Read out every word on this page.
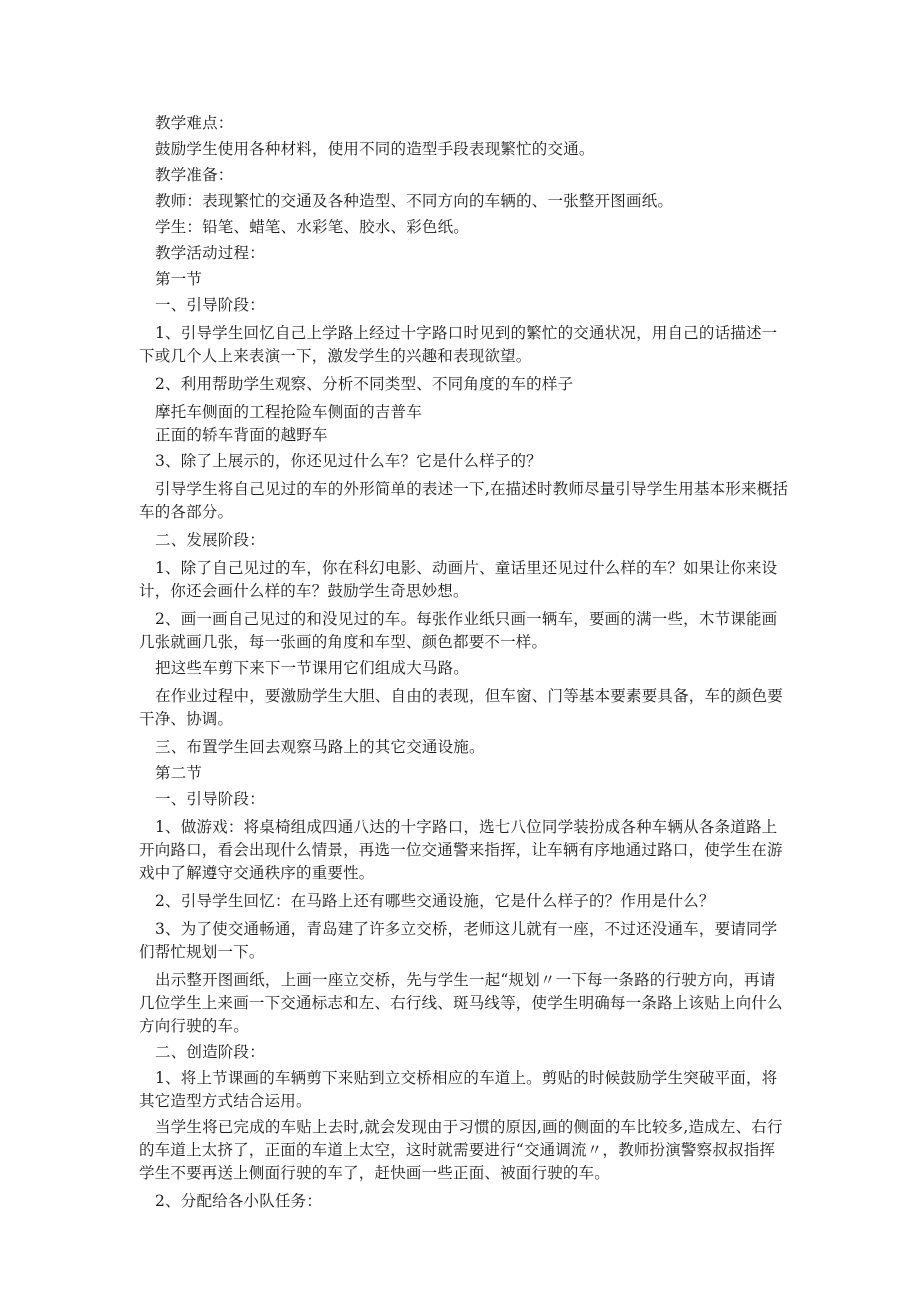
教学难点：

鼓励学生使用各种材料，使用不同的造型手段表现繁忙的交通。

教学准备：

教师：表现繁忙的交通及各种造型、不同方向的车辆的、一张整开图画纸。

学生：铅笔、蜡笔、水彩笔、胶水、彩色纸。

教学活动过程：

第一节

一、引导阶段：

1、引导学生回忆自己上学路上经过十字路口时见到的繁忙的交通状况，用自己的话描述一下或几个人上来表演一下，激发学生的兴趣和表现欲望。

2、利用帮助学生观察、分析不同类型、不同角度的车的样子

摩托车侧面的工程抢险车侧面的吉普车

正面的轿车背面的越野车

3、除了上展示的，你还见过什么车？它是什么样子的？

引导学生将自己见过的车的外形简单的表述一下,在描述时教师尽量引导学生用基本形来概括车的各部分。

二、发展阶段：

1、除了自己见过的车，你在科幻电影、动画片、童话里还见过什么样的车？如果让你来设计，你还会画什么样的车？鼓励学生奇思妙想。

2、画一画自己见过的和没见过的车。每张作业纸只画一辆车，要画的满一些，木节课能画几张就画几张，每一张画的角度和车型、颜色都要不一样。

把这些车剪下来下一节课用它们组成大马路。

在作业过程中，要激励学生大胆、自由的表现，但车窗、门等基本要素要具备，车的颜色要干净、协调。

三、布置学生回去观察马路上的其它交通设施。

第二节

一、引导阶段：

1、做游戏：将桌椅组成四通八达的十字路口，选七八位同学装扮成各种车辆从各条道路上开向路口，看会出现什么情景，再选一位交通警来指挥，让车辆有序地通过路口，使学生在游戏中了解遵守交通秩序的重要性。

2、引导学生回忆：在马路上还有哪些交通设施，它是什么样子的？作用是什么？

3、为了使交通畅通，青岛建了许多立交桥，老师这儿就有一座，不过还没通车，要请同学们帮忙规划一下。

出示整开图画纸，上画一座立交桥，先与学生一起“规划〃一下每一条路的行驶方向，再请几位学生上来画一下交通标志和左、右行线、斑马线等，使学生明确每一条路上该贴上向什么方向行驶的车。

二、创造阶段：

1、将上节课画的车辆剪下来贴到立交桥相应的车道上。剪贴的时候鼓励学生突破平面，将其它造型方式结合运用。

当学生将已完成的车贴上去时,就会发现由于习惯的原因,画的侧面的车比较多,造成左、右行的车道上太挤了，正面的车道上太空，这时就需要进行“交通调流〃，教师扮演警察叔叔指挥学生不要再送上侧面行驶的车了，赶快画一些正面、被面行驶的车。

2、分配给各小队任务：
